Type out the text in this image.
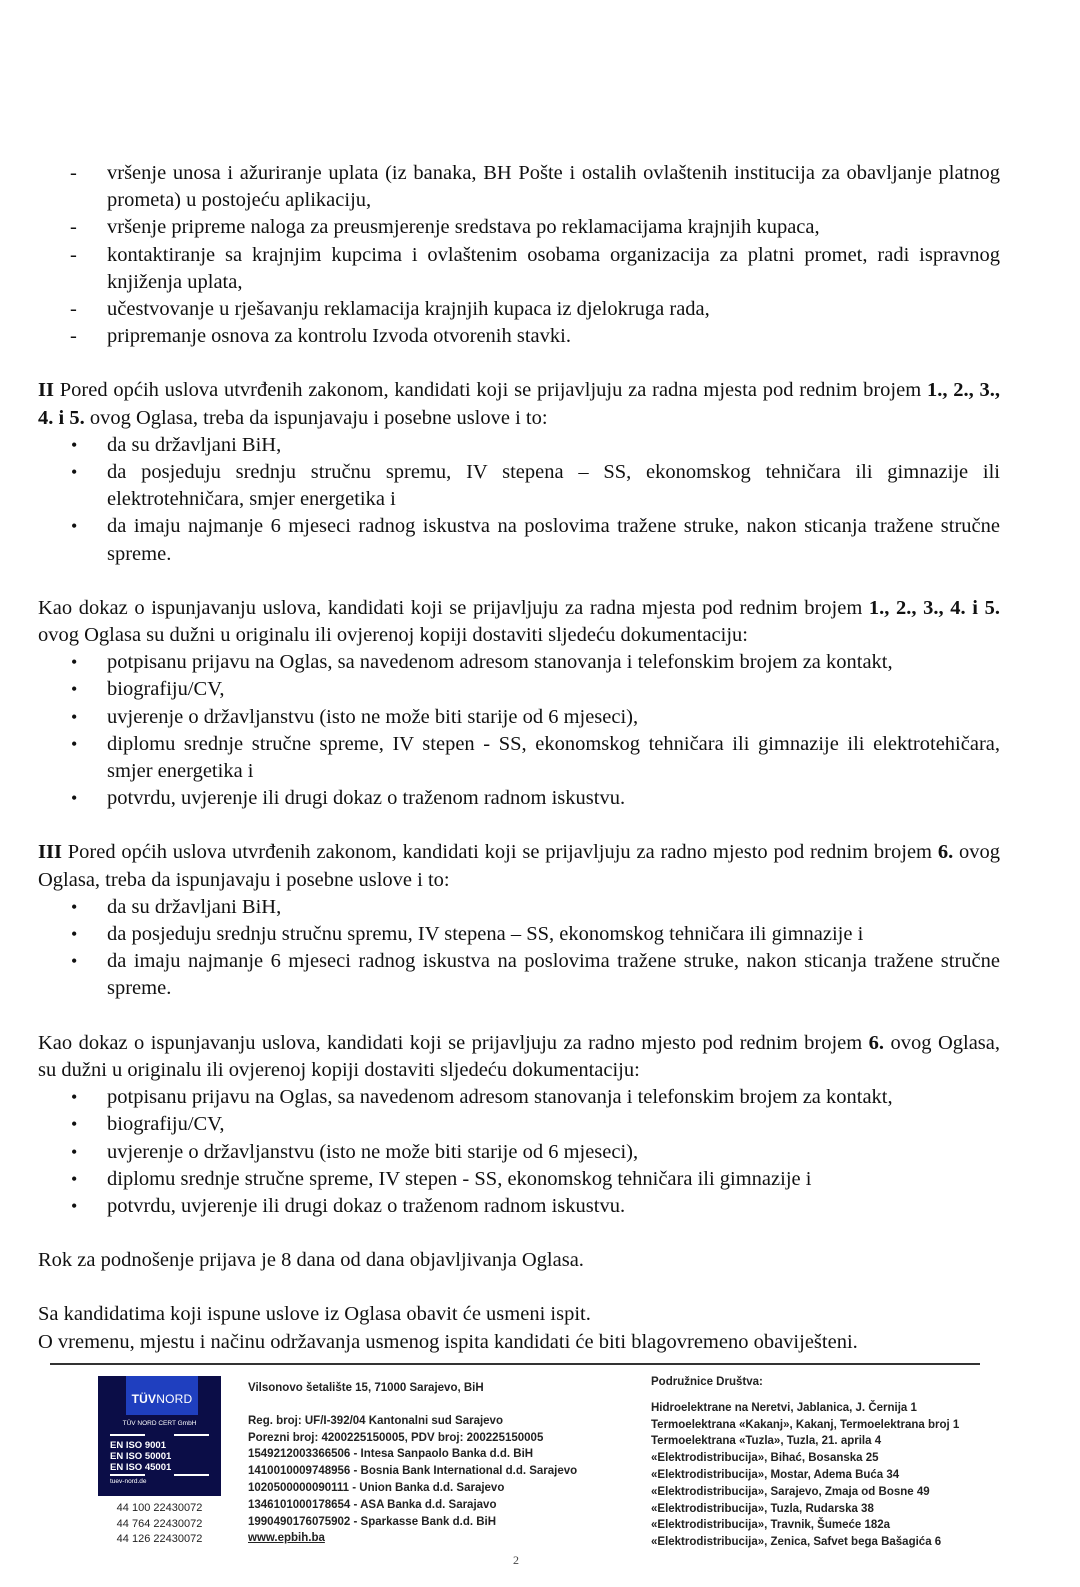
- vršenje unosa i ažuriranje uplata (iz banaka, BH Pošte i ostalih ovlaštenih institucija za obavljanje platnog prometa) u postojeću aplikaciju,
- vršenje pripreme naloga za preusmjerenje sredstava po reklamacijama krajnjih kupaca,
- kontaktiranje sa krajnjim kupcima i ovlaštenim osobama organizacija za platni promet, radi ispravnog knjiženja uplata,
- učestvovanje u rješavanju reklamacija krajnjih kupaca iz djelokruga rada,
- pripremanje osnova za kontrolu Izvoda otvorenih stavki.

II Pored općih uslova utvrđenih zakonom, kandidati koji se prijavljuju za radna mjesta pod rednim brojem 1., 2., 3., 4. i 5. ovog Oglasa, treba da ispunjavaju i posebne uslove i to:

• da su državljani BiH,
• da posjeduju srednju stručnu spremu, IV stepena – SS, ekonomskog tehničara ili gimnazije ili elektrotehničara, smjer energetika i
• da imaju najmanje 6 mjeseci radnog iskustva na poslovima tražene struke, nakon sticanja tražene stručne spreme.

Kao dokaz o ispunjavanju uslova, kandidati koji se prijavljuju za radna mjesta pod rednim brojem 1., 2., 3., 4. i 5. ovog Oglasa su dužni u originalu ili ovjerenoj kopiji dostaviti sljedeću dokumentaciju:

• potpisanu prijavu na Oglas, sa navedenom adresom stanovanja i telefonskim brojem za kontakt,
• biografiju/CV,
• uvjerenje o državljanstvu (isto ne može biti starije od 6 mjeseci),
• diplomu srednje stručne spreme, IV stepen - SS, ekonomskog tehničara ili gimnazije ili elektrotehičara, smjer energetika i
• potvrdu, uvjerenje ili drugi dokaz o traženom radnom iskustvu.

III Pored općih uslova utvrđenih zakonom, kandidati koji se prijavljuju za radno mjesto pod rednim brojem 6. ovog Oglasa, treba da ispunjavaju i posebne uslove i to:

• da su državljani BiH,
• da posjeduju srednju stručnu spremu, IV stepena – SS, ekonomskog tehničara ili gimnazije i
• da imaju najmanje 6 mjeseci radnog iskustva na poslovima tražene struke, nakon sticanja tražene stručne spreme.

Kao dokaz o ispunjavanju uslova, kandidati koji se prijavljuju za radno mjesto pod rednim brojem 6. ovog Oglasa, su dužni u originalu ili ovjerenoj kopiji dostaviti sljedeću dokumentaciju:

• potpisanu prijavu na Oglas, sa navedenom adresom stanovanja i telefonskim brojem za kontakt,
• biografiju/CV,
• uvjerenje o državljanstvu (isto ne može biti starije od 6 mjeseci),
• diplomu srednje stručne spreme, IV stepen - SS, ekonomskog tehničara ili gimnazije i
• potvrdu, uvjerenje ili drugi dokaz o traženom radnom iskustvu.

Rok za podnošenje prijava je 8 dana od dana objavljivanja Oglasa.

Sa kandidatima koji ispune uslove iz Oglasa obavit će usmeni ispit.

O vremenu, mjestu i načinu održavanja usmenog ispita kandidati će biti blagovremeno obaviješteni.

TÜVNORD
TÜV NORD CERT GmbH
EN ISO 9001
EN ISO 50001
EN ISO 45001
tuev-nord.de
44 100 22430072
44 764 22430072
44 126 22430072
Vilsonovo šetalište 15, 71000 Sarajevo, BiH
Reg. broj: UF/I-392/04 Kantonalni sud Sarajevo
Porezni broj: 4200225150005, PDV broj: 200225150005
1549212003366506 - Intesa Sanpaolo Banka d.d. BiH
1410010009748956 - Bosnia Bank International d.d. Sarajevo
1020500000090111 - Union Banka d.d. Sarajevo
1346101000178654 - ASA Banka d.d. Sarajavo
1990490176075902 - Sparkasse Bank d.d. BiH
www.epbih.ba
Podružnice Društva:
Hidroelektrane na Neretvi, Jablanica, J. Černija 1
Termoelektrana «Kakanj», Kakanj, Termoelektrana broj 1
Termoelektrana «Tuzla», Tuzla, 21. aprila 4
«Elektrodistribucija», Bihać, Bosanska 25
«Elektrodistribucija», Mostar, Adema Buća 34
«Elektrodistribucija», Sarajevo, Zmaja od Bosne 49
«Elektrodistribucija», Tuzla, Rudarska 38
«Elektrodistribucija», Travnik, Šumeće 182a
«Elektrodistribucija», Zenica, Safvet bega Bašagića 6
2
